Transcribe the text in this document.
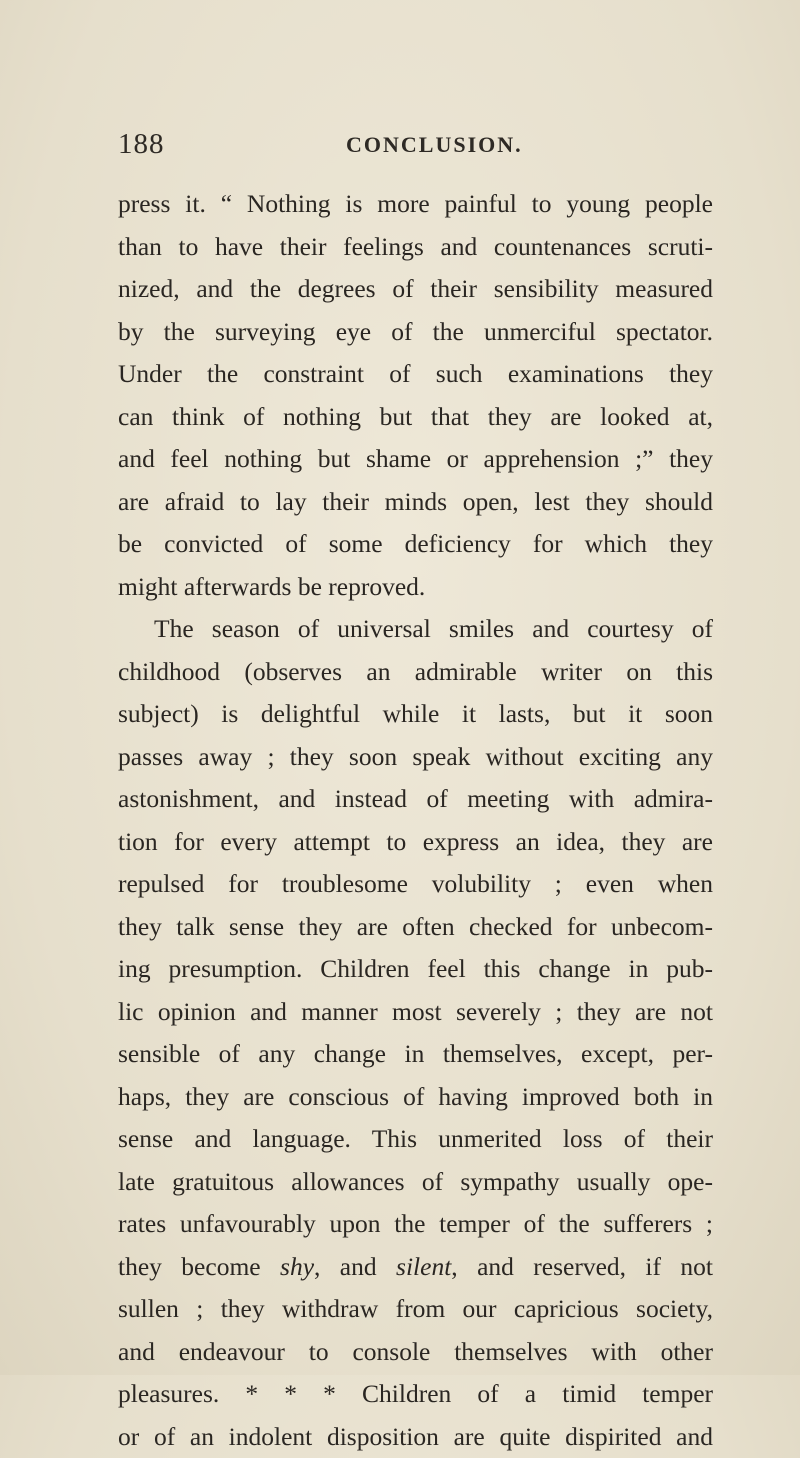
188	CONCLUSION.
press it. “ Nothing is more painful to young people
than to have their feelings and countenances scruti-
nized, and the degrees of their sensibility measured
by the surveying eye of the unmerciful spectator.
Under the constraint of such examinations they
can think of nothing but that they are looked at,
and feel nothing but shame or apprehension ;” they
are afraid to lay their minds open, lest they should
be convicted of some deficiency for which they
might afterwards be reproved.
The season of universal smiles and courtesy of
childhood (observes an admirable writer on this
subject) is delightful while it lasts, but it soon
passes away ; they soon speak without exciting any
astonishment, and instead of meeting with admira-
tion for every attempt to express an idea, they are
repulsed for troublesome volubility ; even when
they talk sense they are often checked for unbecom-
ing presumption. Children feel this change in pub-
lic opinion and manner most severely ; they are not
sensible of any change in themselves, except, per-
haps, they are conscious of having improved both in
sense and language. This unmerited loss of their
late gratuitous allowances of sympathy usually ope-
rates unfavourably upon the temper of the sufferers ;
they become shy, and silent, and reserved, if not
sullen ; they withdraw from our capricious society,
and endeavour to console themselves with other
pleasures. * * * Children of a timid temper
or of an indolent disposition are quite dispirited and
